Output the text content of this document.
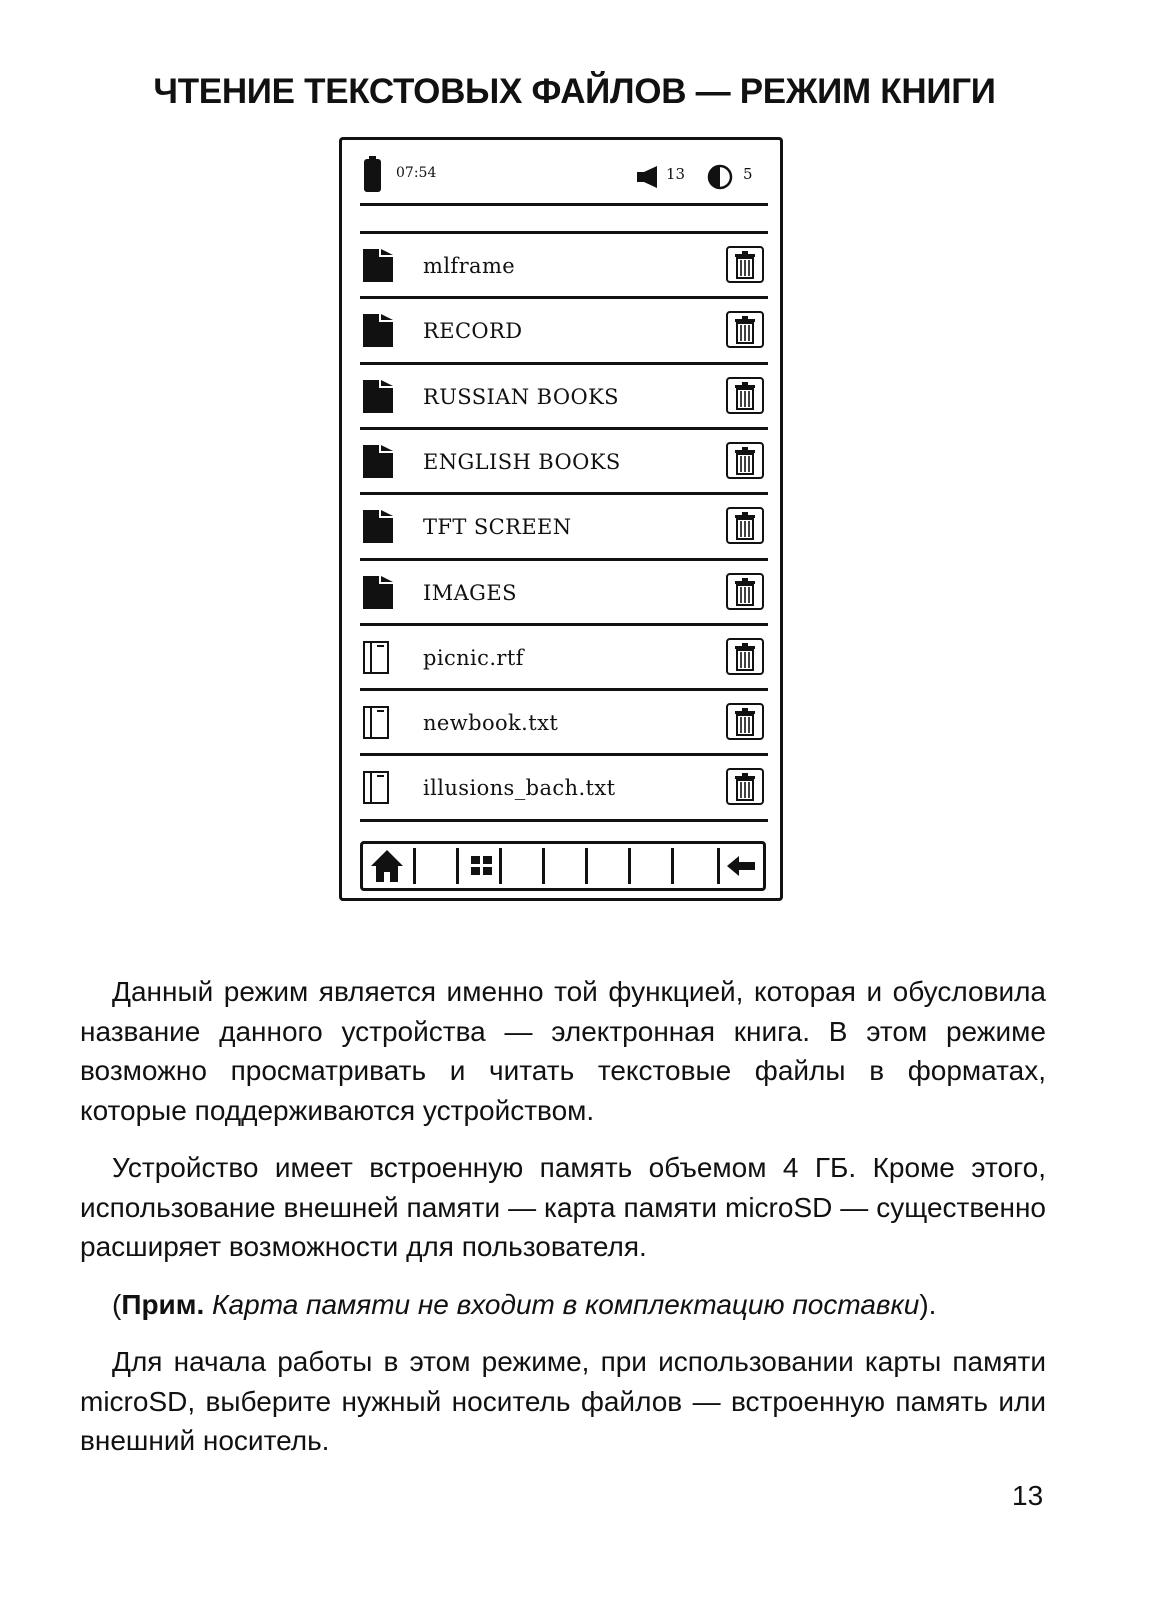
ЧТЕНИЕ ТЕКСТОВЫХ ФАЙЛОВ — РЕЖИМ КНИГИ
07:54	13	5
mlframe
RECORD
RUSSIAN BOOKS
ENGLISH BOOKS
TFT SCREEN
IMAGES
picnic.rtf
newbook.txt
illusions_bach.txt

Данный режим является именно той функцией, которая и обусловила название данного устройства — электронная книга. В этом режиме возможно просматривать и читать текстовые файлы в форматах, которые поддерживаются устройством.

Устройство имеет встроенную память объемом 4 ГБ. Кроме этого, использование внешней памяти — карта памяти microSD — существенно расширяет возможности для пользователя.

(Прим. Карта памяти не входит в комплектацию поставки).

Для начала работы в этом режиме, при использовании карты памяти microSD, выберите нужный носитель файлов — встроенную память или внешний носитель.

13
